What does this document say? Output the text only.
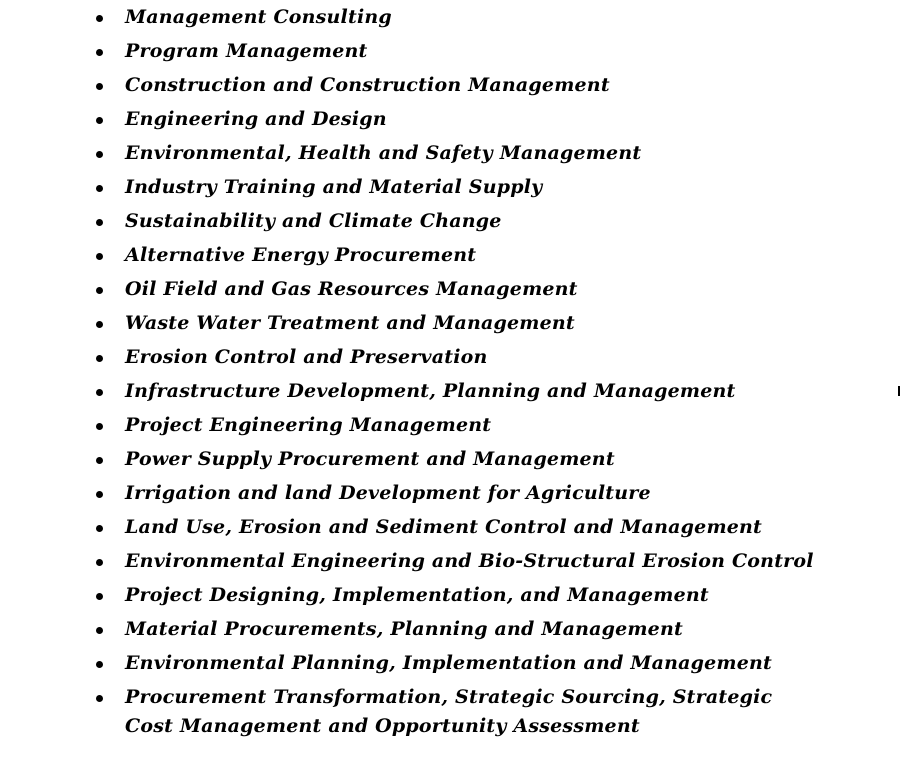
Management Consulting
Program Management
Construction and Construction Management
Engineering and Design
Environmental, Health and Safety Management
Industry Training and Material Supply
Sustainability and Climate Change
Alternative Energy Procurement
Oil Field and Gas Resources Management
Waste Water Treatment and Management
Erosion Control and Preservation
Infrastructure Development, Planning and Management
Project Engineering Management
Power Supply Procurement and Management
Irrigation and land Development for Agriculture
Land Use, Erosion and Sediment Control and Management
Environmental Engineering and Bio-Structural Erosion Control
Project Designing, Implementation, and Management
Material Procurements, Planning and Management
Environmental Planning, Implementation and Management
Procurement Transformation, Strategic Sourcing, Strategic Cost Management and Opportunity Assessment
